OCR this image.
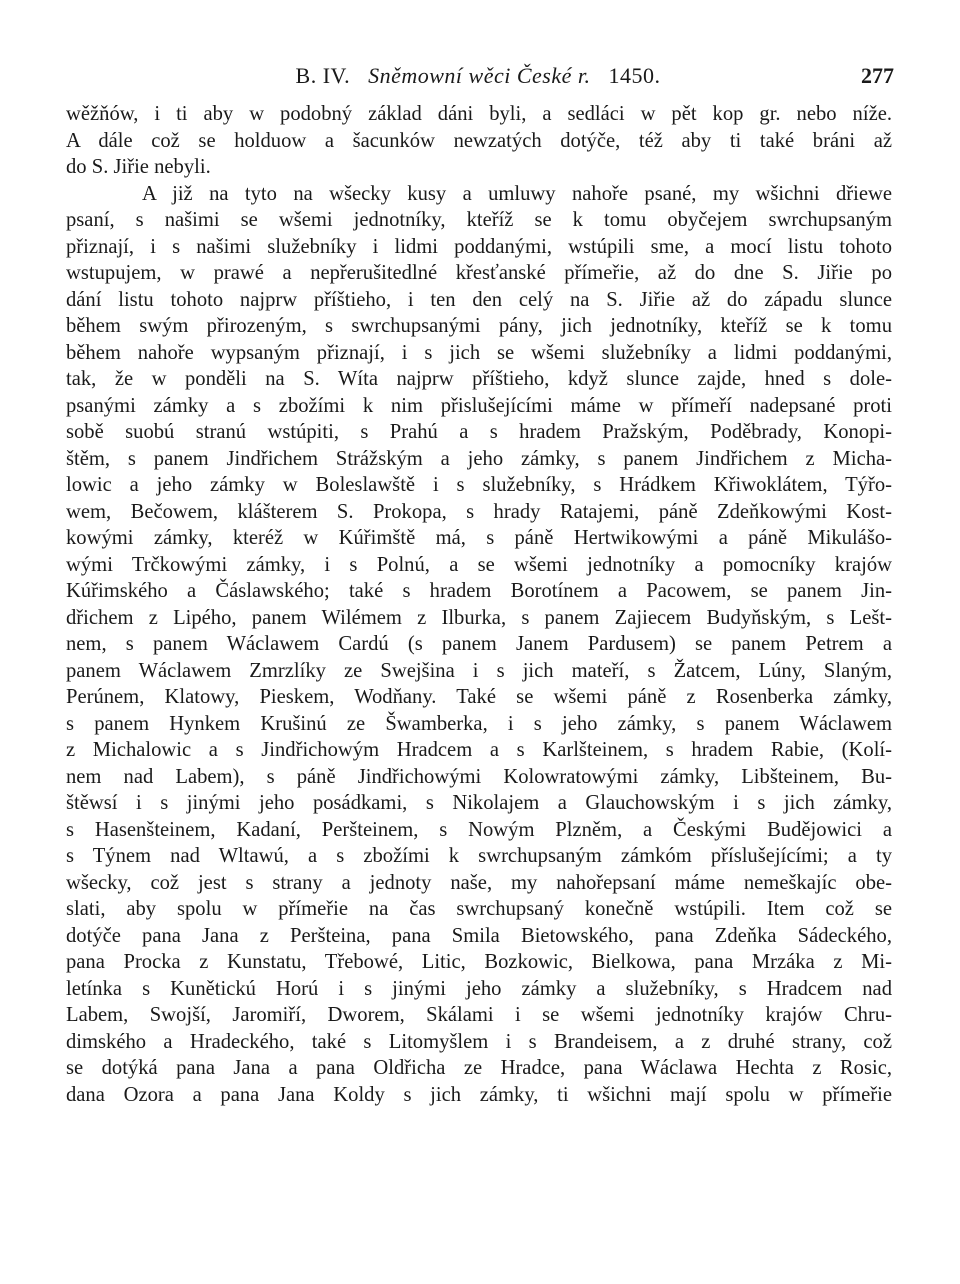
B. IV. Sněmowní wěci České r. 1450.	277
wěžňów, i ti aby w podobný základ dáni byli, a sedláci w pět kop gr. nebo níže.
A dále což se holduow a šacunków newzatých dotýče, též aby ti také bráni až
do S. Jiřie nebyli.
A již na tyto na wšecky kusy a umluwy nahoře psané, my wšichni dřiewe
psaní, s našimi se wšemi jednotníky, kteříž se k tomu obyčejem swrchupsaným
přiznají, i s našimi služebníky i lidmi poddanými, wstúpili sme, a mocí listu tohoto
wstupujem, w prawé a nepřerušitedlné křesťanské přímeřie, až do dne S. Jiřie po
dání listu tohoto najprw příštieho, i ten den celý na S. Jiřie až do západu slunce
během swým přirozeným, s swrchupsanými pány, jich jednotníky, kteříž se k tomu
během nahoře wypsaným přiznají, i s jich se wšemi služebníky a lidmi poddanými,
tak, že w ponděli na S. Wíta najprw příštieho, když slunce zajde, hned s dole-
psanými zámky a s zbožími k nim přislušejícími máme w přímeří nadepsané proti
sobě suobú stranú wstúpiti, s Prahú a s hradem Pražským, Poděbrady, Konopi-
štěm, s panem Jindřichem Strážským a jeho zámky, s panem Jindřichem z Micha-
lowic a jeho zámky w Boleslawště i s služebníky, s Hrádkem Křiwoklátem, Týřo-
wem, Bečowem, klášterem S. Prokopa, s hrady Ratajemi, páně Zdeňkowými Kost-
kowými zámky, kteréž w Kúřimště má, s páně Hertwikowými a páně Mikulášo-
wými Trčkowými zámky, i s Polnú, a se wšemi jednotníky a pomocníky krajów
Kúřimského a Čáslawského; také s hradem Borotínem a Pacowem, se panem Jin-
dřichem z Lipého, panem Wilémem z Ilburka, s panem Zajiecem Budyňským, s Lešt-
nem, s panem Wáclawem Cardú (s panem Janem Pardusem) se panem Petrem a
panem Wáclawem Zmrzlíky ze Swejšina i s jich mateří, s Žatcem, Lúny, Slaným,
Perúnem, Klatowy, Pieskem, Wodňany. Také se wšemi páně z Rosenberka zámky,
s panem Hynkem Krušinú ze Šwamberka, i s jeho zámky, s panem Wáclawem
z Michalowic a s Jindřichowým Hradcem a s Karlšteinem, s hradem Rabie, (Kolí-
nem nad Labem), s páně Jindřichowými Kolowratowými zámky, Libšteinem, Bu-
štěwsí i s jinými jeho posádkami, s Nikolajem a Glauchowským i s jich zámky,
s Hasenšteinem, Kadaní, Peršteinem, s Nowým Plzněm, a Českými Budějowici a
s Týnem nad Wltawú, a s zbožími k swrchupsaným zámkóm příslušejícími; a ty
wšecky, což jest s strany a jednoty naše, my nahořepsaní máme nemeškajíc obe-
slati, aby spolu w přímeřie na čas swrchupsaný konečně wstúpili. Item což se
dotýče pana Jana z Peršteina, pana Smila Bietowského, pana Zdeňka Sádeckého,
pana Procka z Kunstatu, Třebowé, Litic, Bozkowic, Bielkowa, pana Mrzáka z Mi-
letínka s Kunětickú Horú i s jinými jeho zámky a služebníky, s Hradcem nad
Labem, Swojší, Jaromiří, Dworem, Skálami i se wšemi jednotníky krajów Chru-
dimského a Hradeckého, také s Litomyšlem i s Brandeisem, a z druhé strany, což
se dotýká pana Jana a pana Oldřicha ze Hradce, pana Wáclawa Hechta z Rosic,
dana Ozora a pana Jana Koldy s jich zámky, ti wšichni mají spolu w přímeřie
